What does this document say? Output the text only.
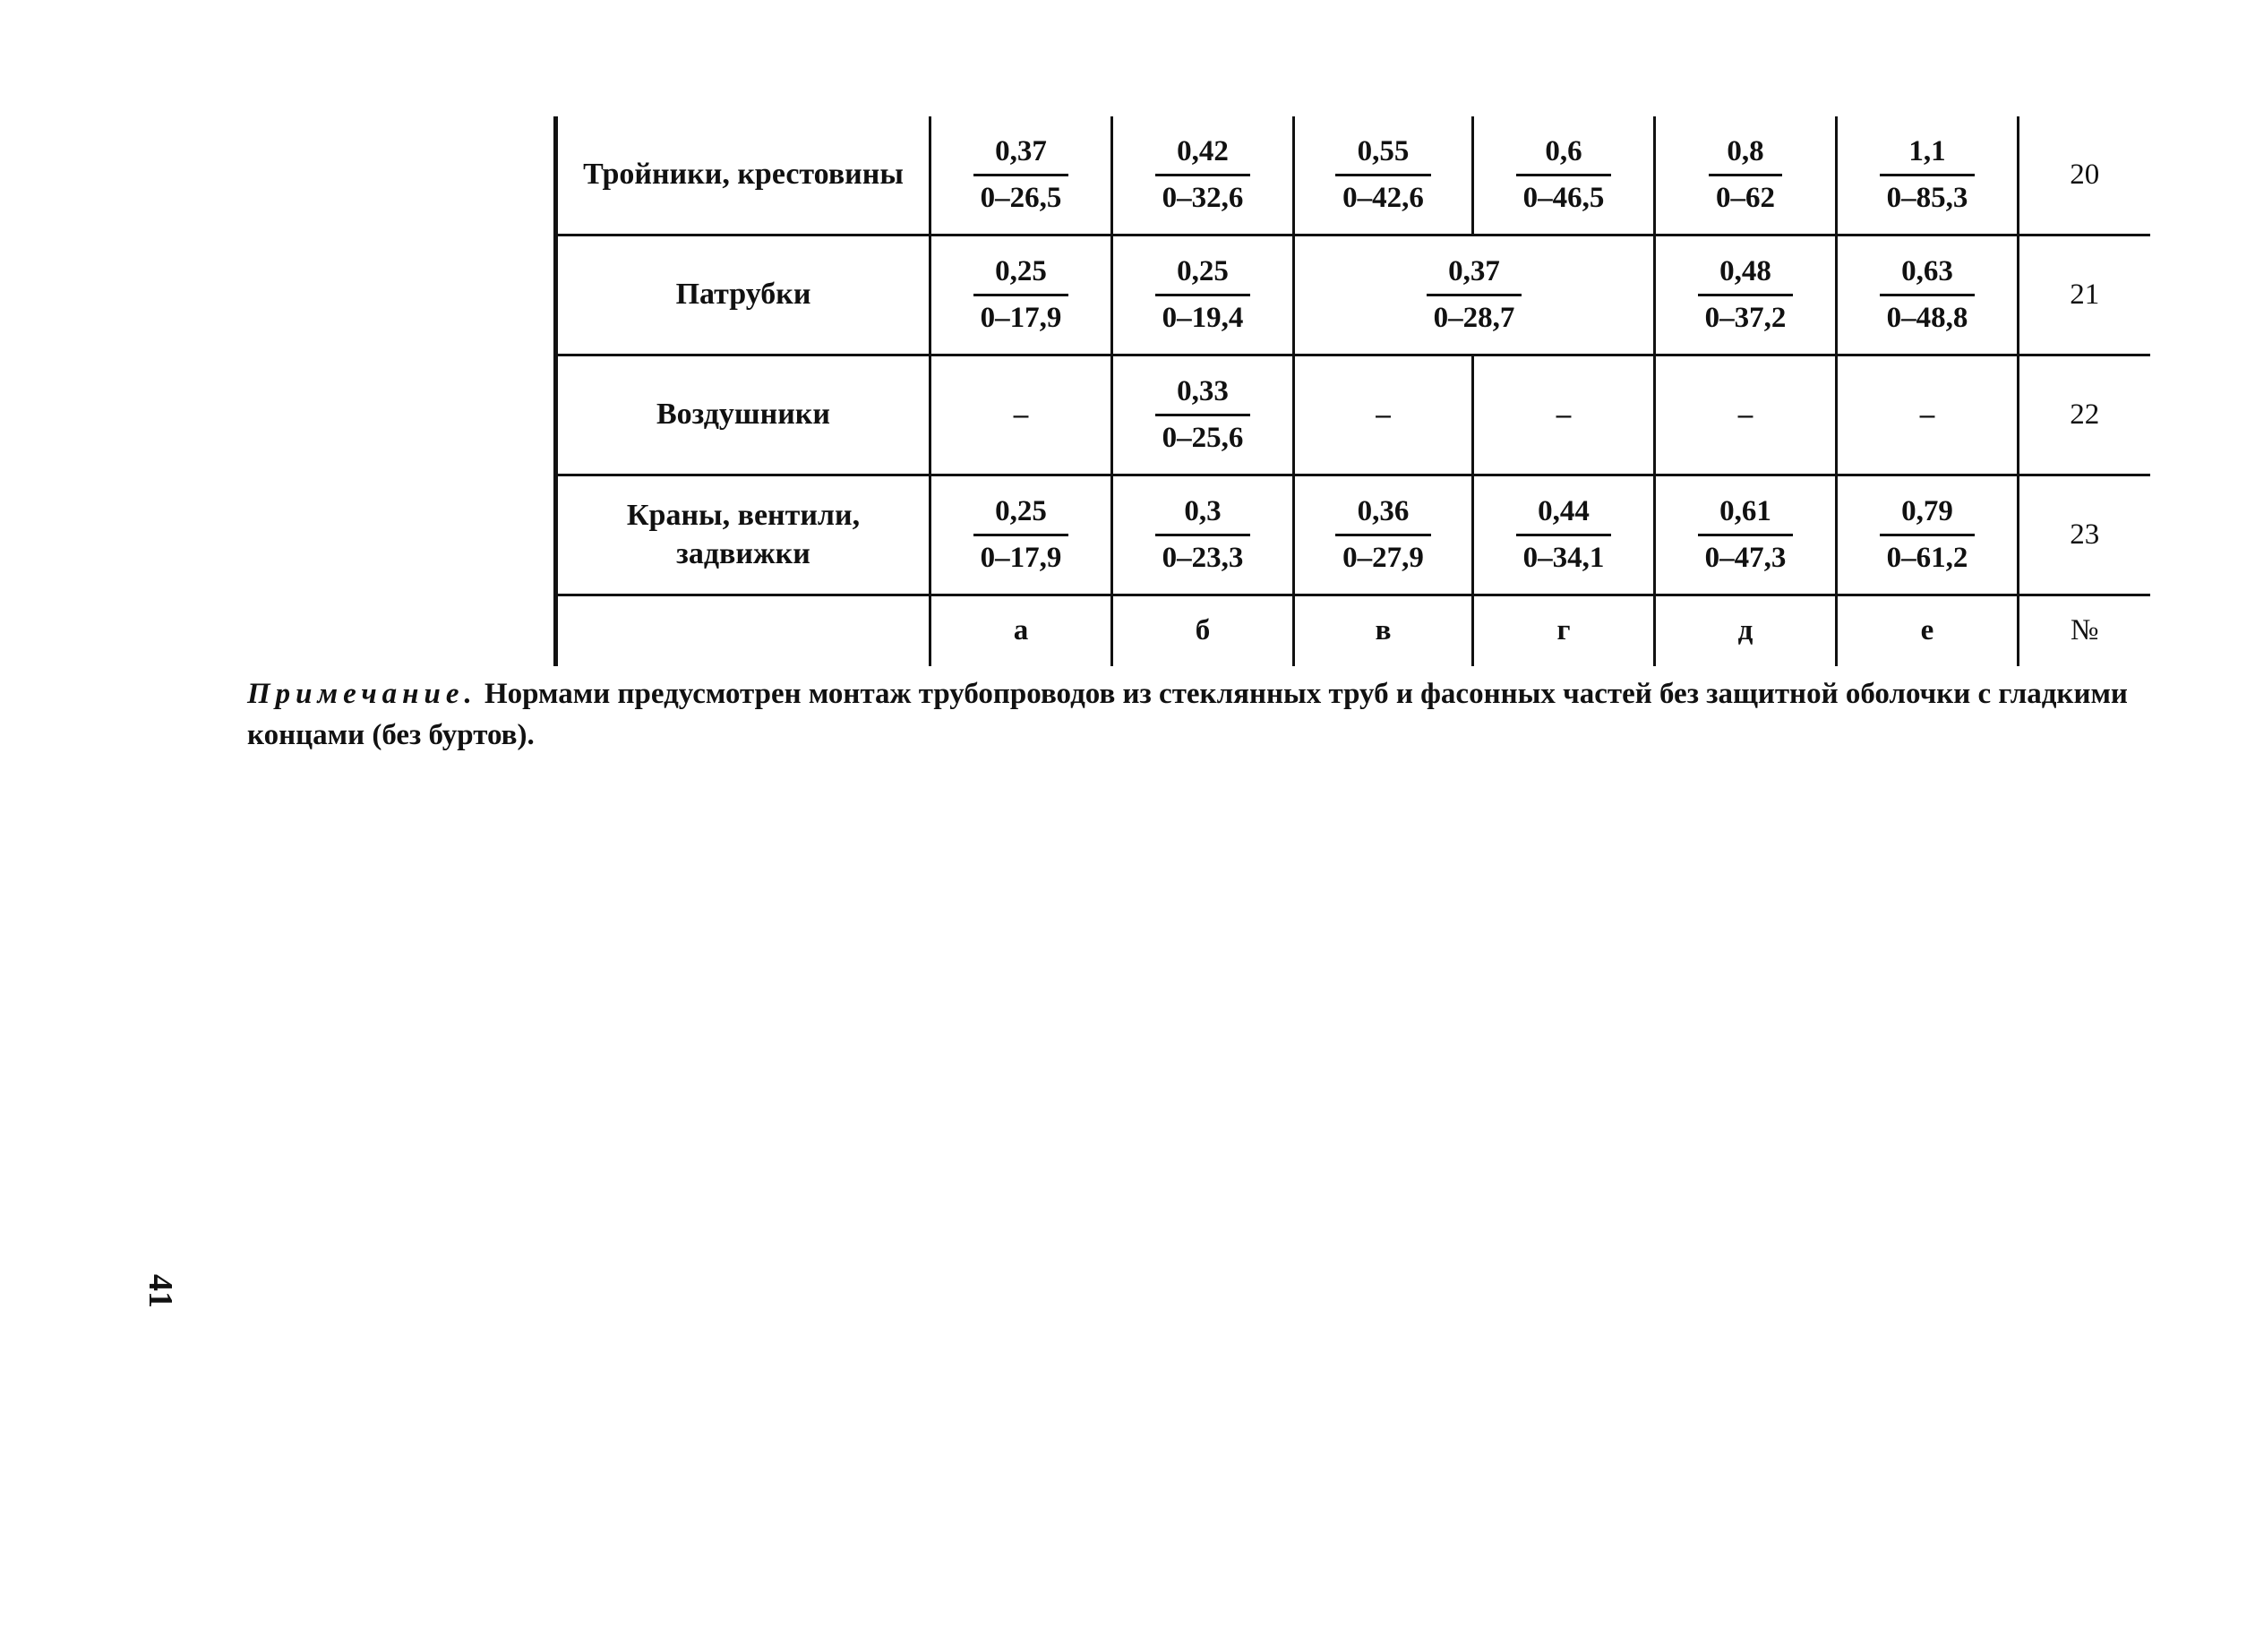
Тройники, крестовины	$\frac{0,37}{0-26,5}$	$\frac{0,42}{0-32,6}$	$\frac{0,55}{0-42,6}$	$\frac{0,6}{0-46,5}$	$\frac{0,8}{0-62}$	$\frac{1,1}{0-85,3}$	20
Патрубки	$\frac{0,25}{0-17,9}$	$\frac{0,25}{0-19,4}$	$\frac{0,37}{0-28,7}$		$\frac{0,48}{0-37,2}$	$\frac{0,63}{0-48,8}$	21
Воздушники	–	$\frac{0,33}{0-25,6}$	–	–	–	–	22
Краны, вентили, задвижки	$\frac{0,25}{0-17,9}$	$\frac{0,3}{0-23,3}$	$\frac{0,36}{0-27,9}$	$\frac{0,44}{0-34,1}$	$\frac{0,61}{0-47,3}$	$\frac{0,79}{0-61,2}$	23
	а	б	в	г	д	е	№

Примечание. Нормами предусмотрен монтаж трубопроводов из стеклянных труб и фасонных частей без защитной оболочки с гладкими концами (без буртов).

41
